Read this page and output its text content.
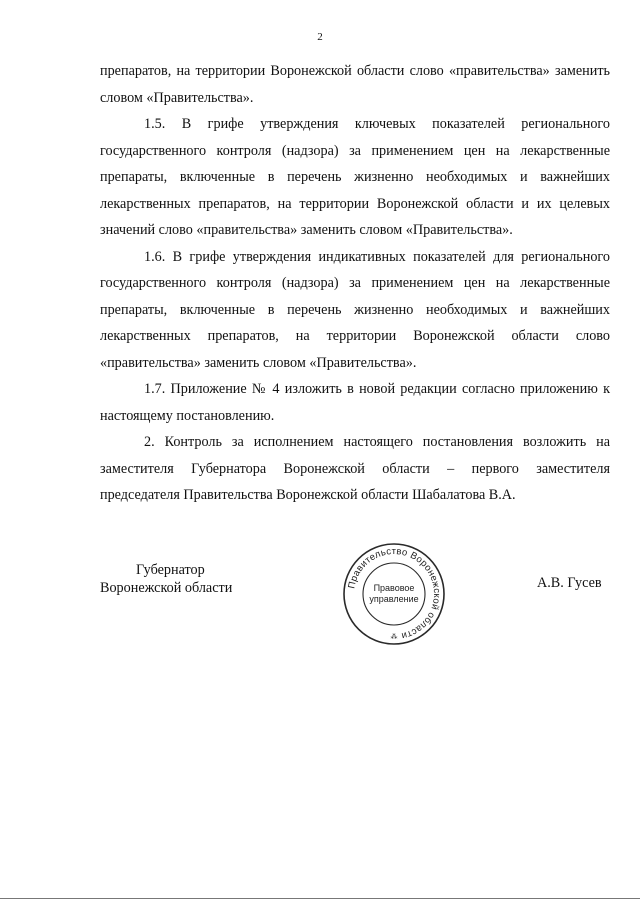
2

препаратов, на территории Воронежской области слово «правительства» заменить словом «Правительства».

1.5. В грифе утверждения ключевых показателей регионального государственного контроля (надзора) за применением цен на лекарственные препараты, включенные в перечень жизненно необходимых и важнейших лекарственных препаратов, на территории Воронежской области и их целевых значений слово «правительства» заменить словом «Правительства».

1.6. В грифе утверждения индикативных показателей для регионального государственного контроля (надзора) за применением цен на лекарственные препараты, включенные в перечень жизненно необходимых и важнейших лекарственных препаратов, на территории Воронежской области слово «правительства» заменить словом «Правительства».

1.7. Приложение № 4 изложить в новой редакции согласно приложению к настоящему постановлению.

2. Контроль за исполнением настоящего постановления возложить на заместителя Губернатора Воронежской области – первого заместителя председателя Правительства Воронежской области Шабалатова В.А.

Губернатор
Воронежской области	Правительство Воронежской области
Правовое
управление
⁂
А.В. Гусев
